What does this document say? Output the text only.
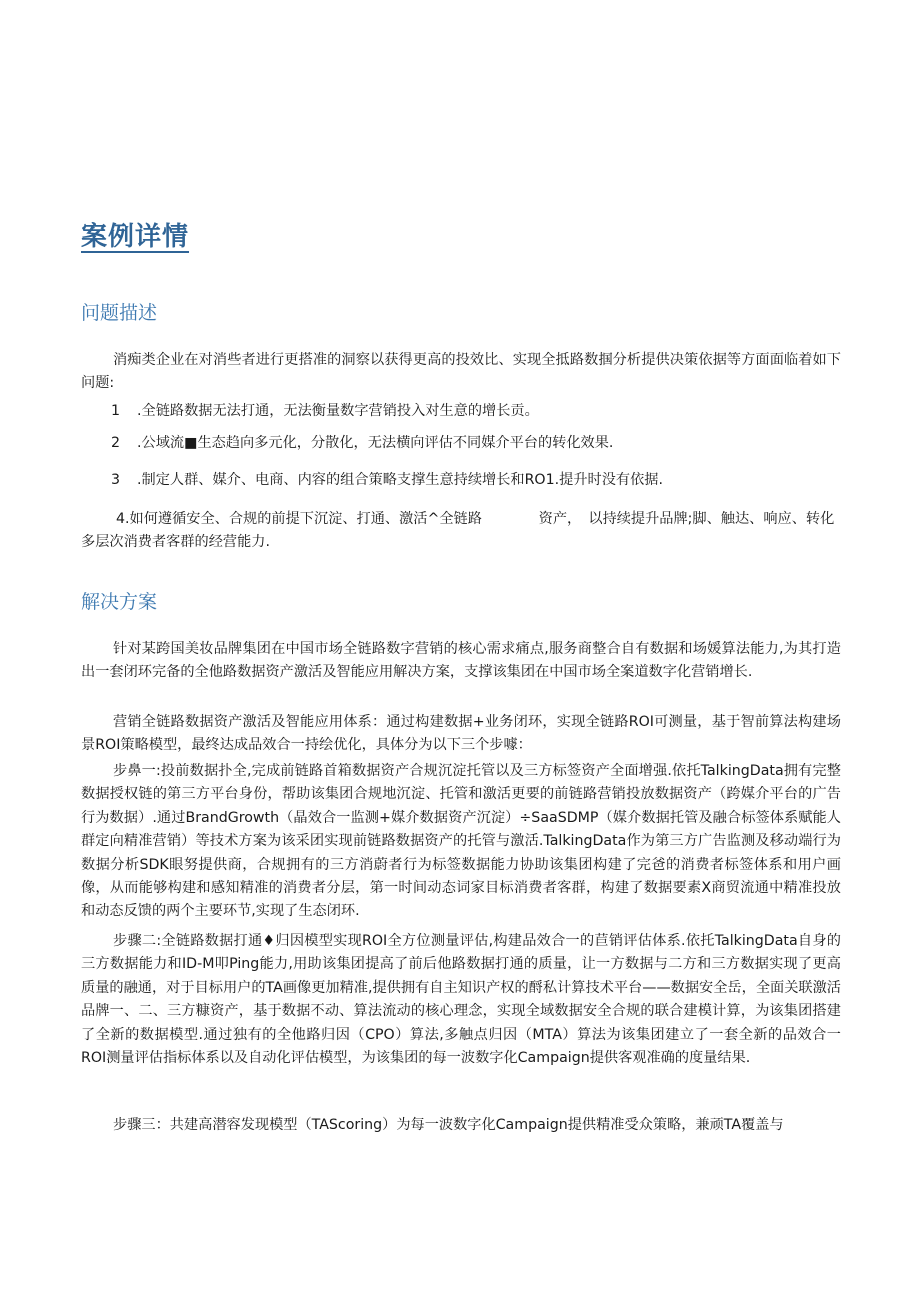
案例详情
问题描述

消痴类企业在对消些者进行更搭准的洞察以获得更高的投效比、实现全抵路数掴分析提供决策依据等方面面临着如下问题:

1 .全链路数据无法打通，无法衡量数字营销投入对生意的增长贡。

2 .公域流■生态趋向多元化，分散化，无法横向评估不同媒介平台的转化效果.

3 .制定人群、媒介、电商、内容的组合策略支撑生意持续增长和RO1.提升时没有依据.

4.如何遵循安全、合规的前提下沉淀、打通、激活^全链路　　　　资产，　以持续提升品牌;脚、触达、响应、转化多层次消费者客群的经营能力.

解决方案

针对某跨国美妆品牌集团在中国市场全链路数字营销的核心需求痛点,服务商整合自有数据和场媛算法能力,为其打造出一套闭环完备的全他路数据资产激活及智能应用解决方案，支撑该集团在中国市场全案道数字化营销增长.

营销全链路数据资产激活及智能应用体系：通过构建数据+业务闭环，实现全链路ROI可测量，基于智前算法构建场景ROI策略模型，最终达成品效合一持绘优化，具体分为以下三个步噱：

步鼻一:投前数据扑全,完成前链路首箱数据资产合规沉淀托管以及三方标签资产全面增强.依托TalkingData拥有完整数据授权链的第三方平台身份，帮助该集团合规地沉淀、托管和激活更要的前链路营销投放数据资产（跨媒介平台的广告行为数据）.通过BrandGrowth（晶效合一监测+媒介数据资产沉淀）÷SaaSDMP（媒介数据托管及融合标签体系赋能人群定向精准营销）等技术方案为该采团实现前链路数据资产的托管与激活.TalkingData作为第三方广告监测及移动端行为数据分析SDK眼努提供商，合规拥有的三方消蔚者行为标签数据能力协助该集团构建了完爸的消费者标签体系和用户画像，从而能够构建和感知精准的消费者分层，第一时间动态词家目标消费者客群，构建了数据要素X商贸流通中精准投放和动态反馈的两个主要环节,实现了生态闭环.

步骤二:全链路数据打通♦归因模型实现ROI全方位测量评估,构建品效合一的苣销评估体系.依托TalkingData自身的三方数据能力和ID-M叩Ping能力,用助该集团提高了前后他路数据打通的质量，让一方数据与二方和三方数据实现了更高质量的融通，对于目标用户的TA画像更加精准,提供拥有自主知识产权的酹私计算技术平台——数据安全岳，全面关联激活品牌一、二、三方糠资产，基于数据不动、算法流动的核心理念，实现全域数据安全合规的联合建模计算，为该集团搭建了全新的数据模型.通过独有的全他路归因（CPO）算法,多触点归因（MTA）算法为该集团建立了一套全新的品效合一ROI测量评估指标体系以及自动化评估模型，为该集团的每一波数字化Campaign提供客观准确的度量结果.

步骤三：共建高潜容发现模型（TAScoring）为每一波数字化Campaign提供精准受众策略，兼顽TA覆盖与
